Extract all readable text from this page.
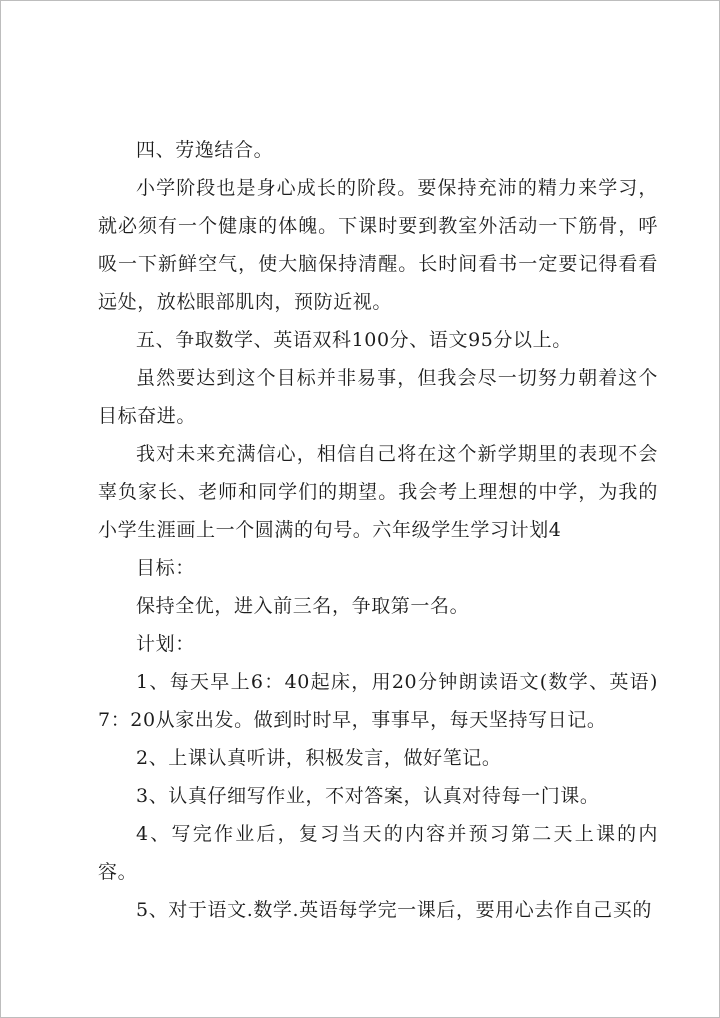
四、劳逸结合。

小学阶段也是身心成长的阶段。要保持充沛的精力来学习，就必须有一个健康的体魄。下课时要到教室外活动一下筋骨，呼吸一下新鲜空气，使大脑保持清醒。长时间看书一定要记得看看远处，放松眼部肌肉，预防近视。

五、争取数学、英语双科100分、语文95分以上。

虽然要达到这个目标并非易事，但我会尽一切努力朝着这个目标奋进。

我对未来充满信心，相信自己将在这个新学期里的表现不会辜负家长、老师和同学们的期望。我会考上理想的中学，为我的小学生涯画上一个圆满的句号。六年级学生学习计划4

目标：

保持全优，进入前三名，争取第一名。

计划：

1、每天早上6：40起床，用20分钟朗读语文(数学、英语)7：20从家出发。做到时时早，事事早，每天坚持写日记。

2、上课认真听讲，积极发言，做好笔记。

3、认真仔细写作业，不对答案，认真对待每一门课。

4、写完作业后，复习当天的内容并预习第二天上课的内容。

5、对于语文.数学.英语每学完一课后，要用心去作自己买的
